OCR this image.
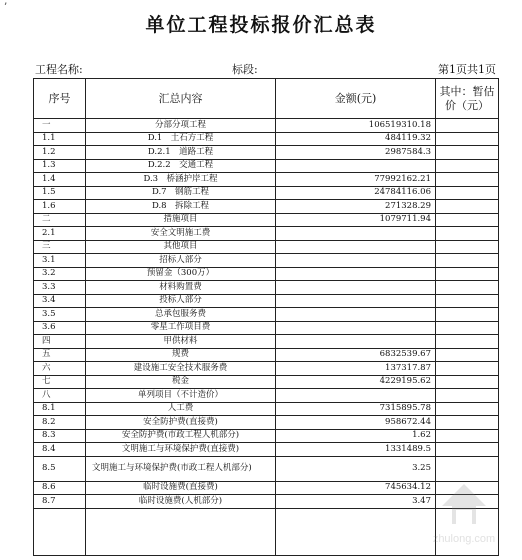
’
单位工程投标报价汇总表
工程名称:	标段:	第1页共1页
序号	汇总内容	金额(元)	其中：暂估价（元）
一	分部分项工程	106519310.18	
1.1	D.1　土石方工程	484119.32	
1.2	D.2.1　道路工程	2987584.3	
1.3	D.2.2　交通工程		
1.4	D.3　桥涵护岸工程	77992162.21	
1.5	D.7　钢筋工程	24784116.06	
1.6	D.8　拆除工程	271328.29	
二	措施项目	1079711.94	
2.1	安全文明施工费		
三	其他项目		
3.1	招标人部分		
3.2	预留金（300万）		
3.3	材料购置费		
3.4	投标人部分		
3.5	总承包服务费		
3.6	零星工作项目费		
四	甲供材料		
五	规费	6832539.67	
六	建设施工安全技术服务费	137317.87	
七	税金	4229195.62	
八	单列项目（不计造价）		
8.1	人工费	7315895.78	
8.2	安全防护费(直接费)	958672.44	
8.3	安全防护费(市政工程人机部分)	1.62	
8.4	文明施工与环境保护费(直接费)	1331489.5	
8.5	文明施工与环境保护费(市政工程人机部分)	3.25	
8.6	临时设施费(直接费)	745634.12	
8.7	临时设施费(人机部分)	3.47	

zhulong.com
